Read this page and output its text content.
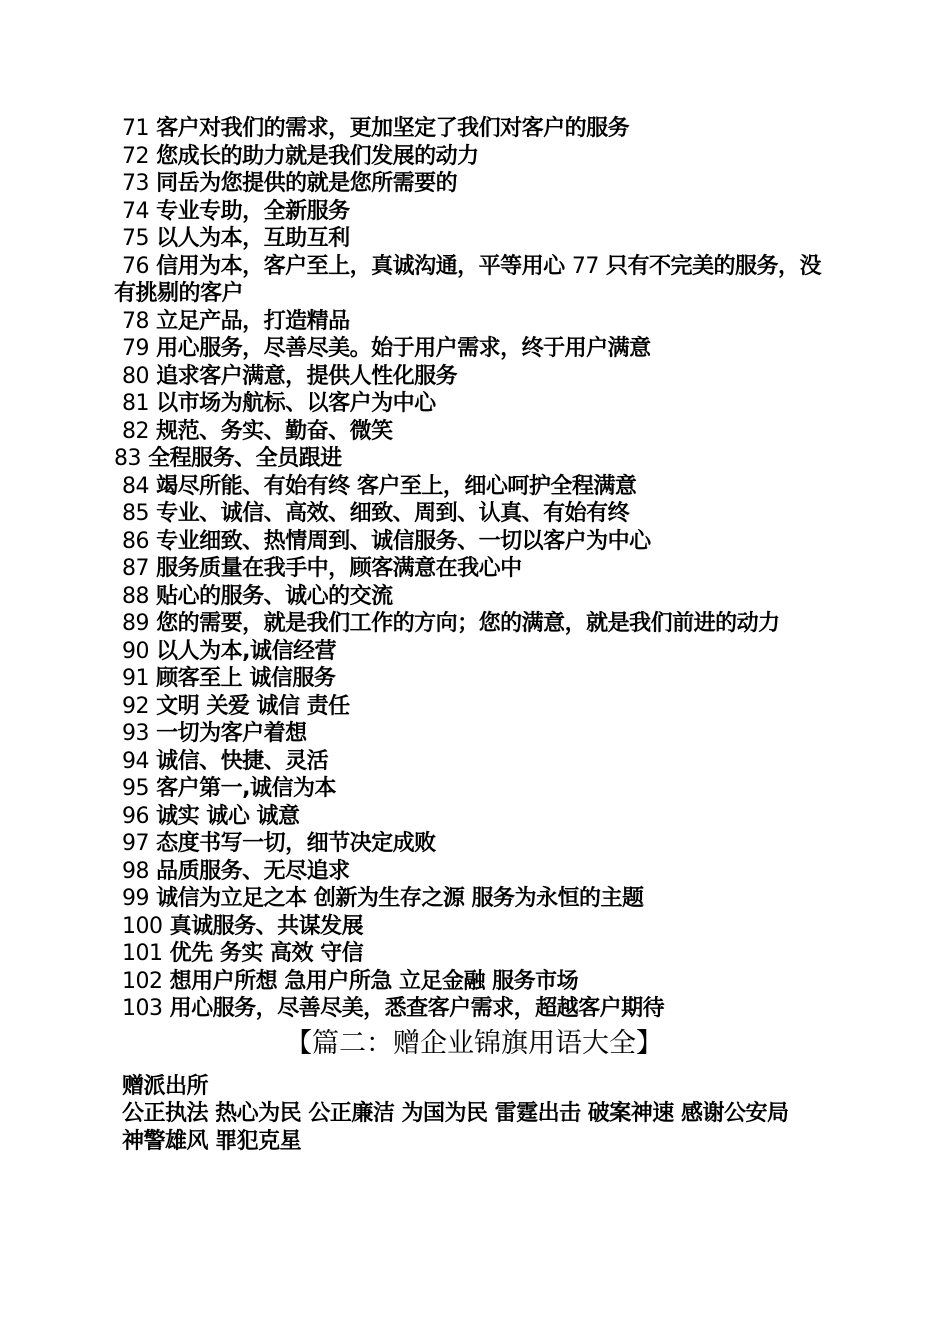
71 客户对我们的需求，更加坚定了我们对客户的服务
72 您成长的助力就是我们发展的动力
73 同岳为您提供的就是您所需要的
74 专业专助，全新服务
75 以人为本，互助互利
76 信用为本，客户至上，真诚沟通，平等用心 77 只有不完美的服务，没有挑剔的客户
78 立足产品，打造精品
79 用心服务，尽善尽美。始于用户需求，终于用户满意
80 追求客户满意，提供人性化服务
81 以市场为航标、以客户为中心
82 规范、务实、勤奋、微笑
83 全程服务、全员跟进
84 竭尽所能、有始有终 客户至上，细心呵护全程满意
85 专业、诚信、高效、细致、周到、认真、有始有终
86 专业细致、热情周到、诚信服务、一切以客户为中心
87 服务质量在我手中，顾客满意在我心中
88 贴心的服务、诚心的交流
89 您的需要，就是我们工作的方向；您的满意，就是我们前进的动力
90 以人为本,诚信经营
91 顾客至上 诚信服务
92 文明 关爱 诚信 责任
93 一切为客户着想
94 诚信、快捷、灵活
95 客户第一,诚信为本
96 诚实 诚心 诚意
97 态度书写一切，细节决定成败
98 品质服务、无尽追求
99 诚信为立足之本 创新为生存之源 服务为永恒的主题
100 真诚服务、共谋发展
101 优先 务实 高效 守信
102 想用户所想 急用户所急 立足金融 服务市场
103 用心服务，尽善尽美，悉查客户需求，超越客户期待
【篇二：赠企业锦旗用语大全】
赠派出所
公正执法 热心为民 公正廉洁 为国为民 雷霆出击 破案神速 感谢公安局
神警雄风 罪犯克星
